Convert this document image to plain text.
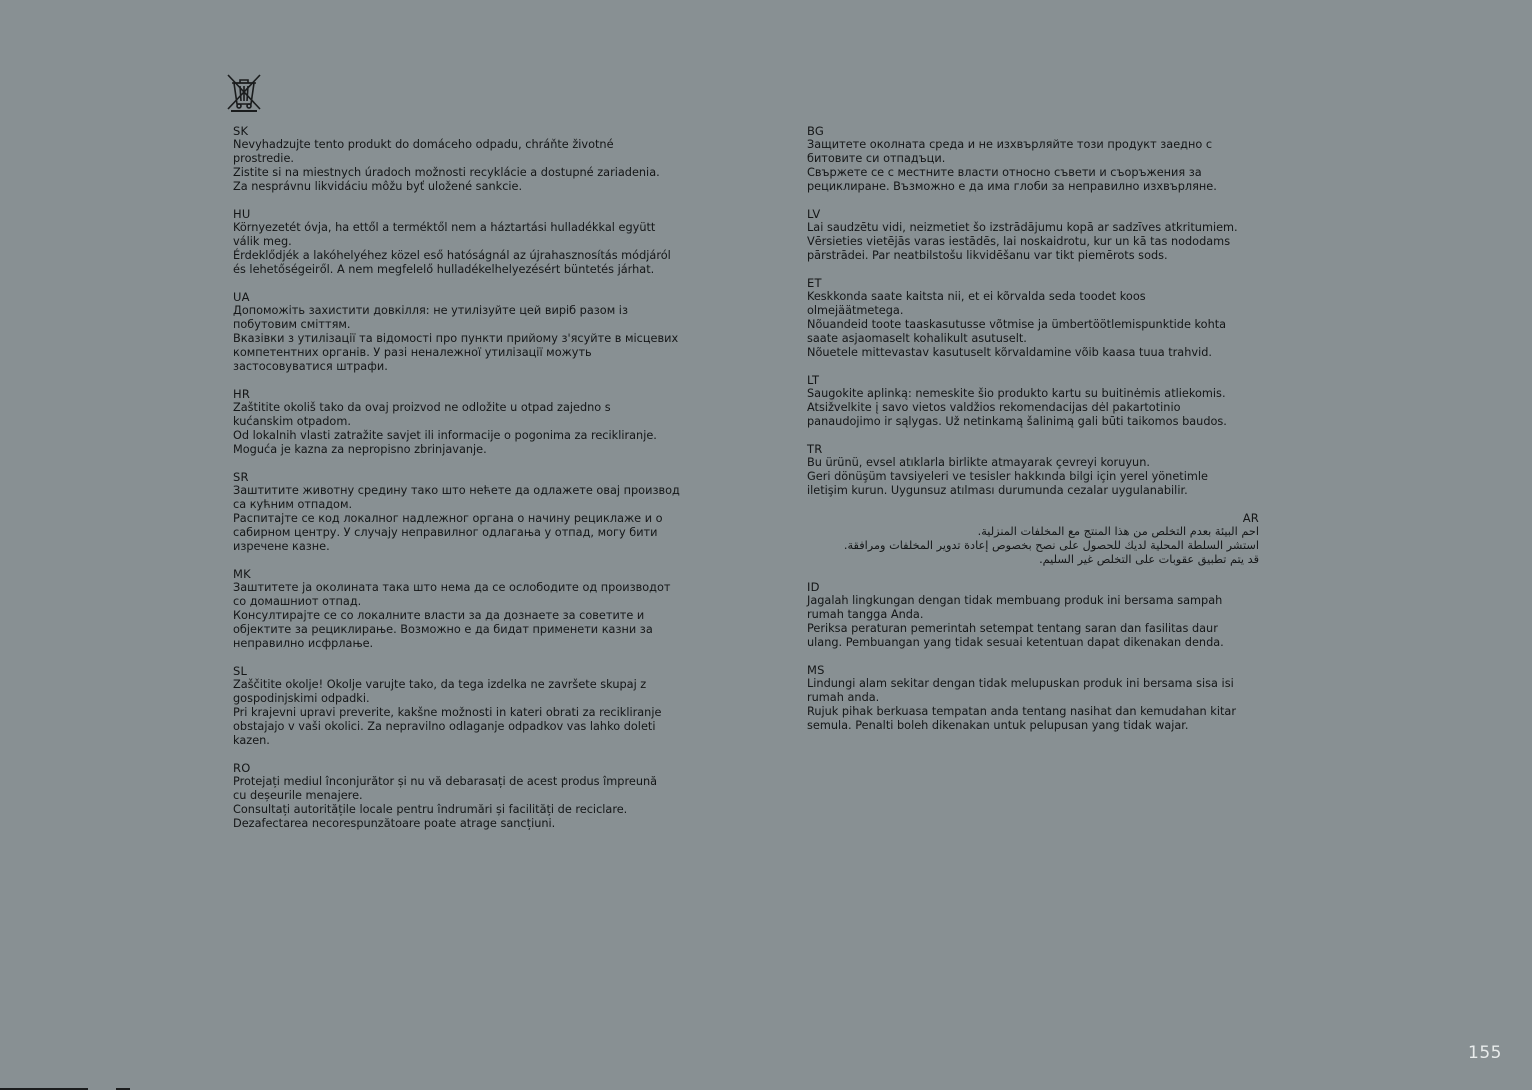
SK
Nevyhadzujte tento produkt do domáceho odpadu, chráňte životné
prostredie.
Zistite si na miestnych úradoch možnosti recyklácie a dostupné zariadenia.
Za nesprávnu likvidáciu môžu byť uložené sankcie.
HU
Környezetét óvja, ha ettől a terméktől nem a háztartási hulladékkal együtt
válik meg.
Érdeklődjék a lakóhelyéhez közel eső hatóságnál az újrahasznosítás módjáról
és lehetőségeiről. A nem megfelelő hulladékelhelyezésért büntetés járhat.
UA
Допоможіть захистити довкілля: не утилізуйте цей виріб разом із
побутовим сміттям.
Вказівки з утилізації та відомості про пункти прийому з'ясуйте в місцевих
компетентних органів. У разі неналежної утилізації можуть
застосовуватися штрафи.
HR
Zaštitite okoliš tako da ovaj proizvod ne odložite u otpad zajedno s
kućanskim otpadom.
Od lokalnih vlasti zatražite savjet ili informacije o pogonima za recikliranje.
Moguća je kazna za nepropisno zbrinjavanje.
SR
Заштитите животну средину тако што нећете да одлажете овај производ
са кућним отпадом.
Распитајте се код локалног надлежног органа о начину рециклаже и о
сабирном центру. У случају неправилног одлагања у отпад, могу бити
изречене казне.
MK
Заштитете ја околината така што нема да се ослободите од производот
со домашниот отпад.
Консултирајте се со локалните власти за да дознаете за советите и
објектите за рециклирање. Возможно е да бидат применети казни за
неправилно исфрлање.
SL
Zaščitite okolje! Okolje varujte tako, da tega izdelka ne završete skupaj z
gospodinjskimi odpadki.
Pri krajevni upravi preverite, kakšne možnosti in kateri obrati za recikliranje
obstajajo v vaši okolici. Za nepravilno odlaganje odpadkov vas lahko doleti
kazen.
RO
Protejați mediul înconjurător și nu vă debarasați de acest produs împreună
cu deșeurile menajere.
Consultați autoritățile locale pentru îndrumări și facilități de reciclare.
Dezafectarea necorespunzătoare poate atrage sancțiuni.
BG
Защитете околната среда и не изхвърляйте този продукт заедно с
битовите си отпадъци.
Свържете се с местните власти относно съвети и съоръжения за
рециклиране. Възможно е да има глоби за неправилно изхвърляне.
LV
Lai saudzētu vidi, neizmetiet šo izstrādājumu kopā ar sadzīves atkritumiem.
Vērsieties vietējās varas iestādēs, lai noskaidrotu, kur un kā tas nododams
pārstrādei. Par neatbilstošu likvidēšanu var tikt piemērots sods.
ET
Keskkonda saate kaitsta nii, et ei kõrvalda seda toodet koos
olmejäätmetega.
Nõuandeid toote taaskasutusse võtmise ja ümbertöötlemispunktide kohta
saate asjaomaselt kohalikult asutuselt.
Nõuetele mittevastav kasutuselt kõrvaldamine võib kaasa tuua trahvid.
LT
Saugokite aplinką: nemeskite šio produkto kartu su buitinėmis atliekomis.
Atsižvelkite į savo vietos valdžios rekomendacijas dėl pakartotinio
panaudojimo ir sąlygas. Už netinkamą šalinimą gali būti taikomos baudos.
TR
Bu ürünü, evsel atıklarla birlikte atmayarak çevreyi koruyun.
Geri dönüşüm tavsiyeleri ve tesisler hakkında bilgi için yerel yönetimle
iletişim kurun. Uygunsuz atılması durumunda cezalar uygulanabilir.
AR
احم البيئة بعدم التخلص من هذا المنتج مع المخلفات المنزلية.
استشر السلطة المحلية لديك للحصول على نصح بخصوص إعادة تدوير المخلفات ومرافقة.
قد يتم تطبيق عقوبات على التخلص غير السليم.
ID
Jagalah lingkungan dengan tidak membuang produk ini bersama sampah
rumah tangga Anda.
Periksa peraturan pemerintah setempat tentang saran dan fasilitas daur
ulang. Pembuangan yang tidak sesuai ketentuan dapat dikenakan denda.
MS
Lindungi alam sekitar dengan tidak melupuskan produk ini bersama sisa isi
rumah anda.
Rujuk pihak berkuasa tempatan anda tentang nasihat dan kemudahan kitar
semula. Penalti boleh dikenakan untuk pelupusan yang tidak wajar.
155
